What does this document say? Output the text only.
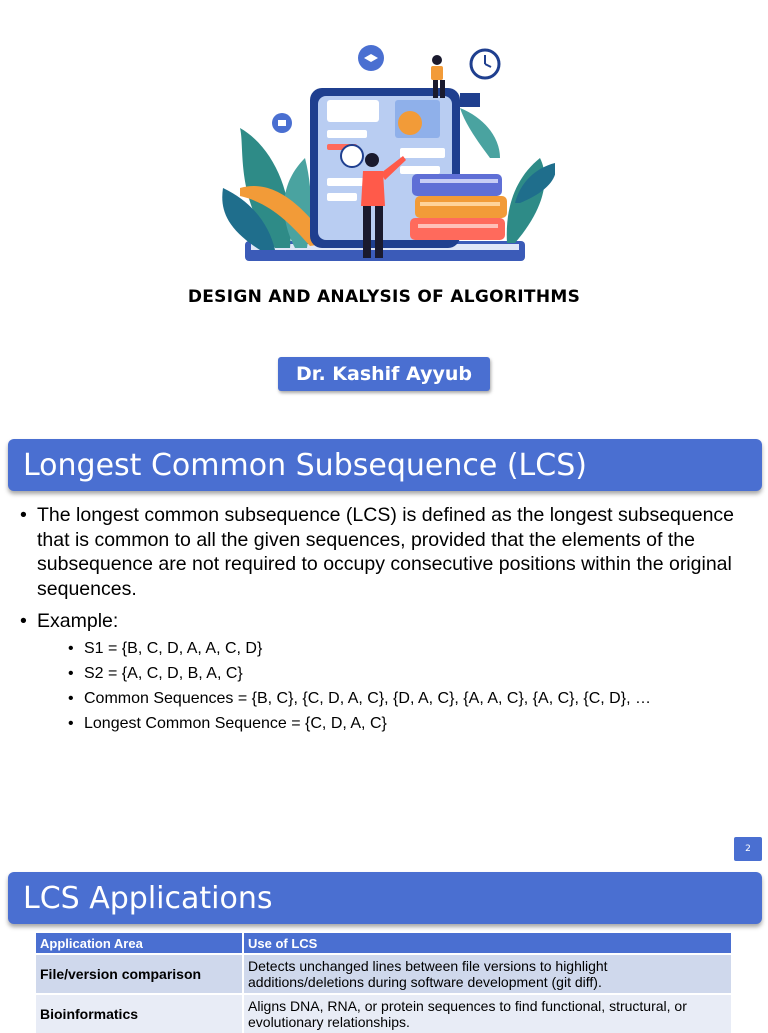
DESIGN AND ANALYSIS OF ALGORITHMS
Dr. Kashif Ayyub
Longest Common Subsequence (LCS)
• The longest common subsequence (LCS) is defined as the longest subsequence that is common to all the given sequences, provided that the elements of the subsequence are not required to occupy consecutive positions within the original sequences.
• Example:
• S1 = {B, C, D, A, A, C, D}
• S2 = {A, C, D, B, A, C}
• Common Sequences = {B, C}, {C, D, A, C}, {D, A, C}, {A, A, C}, {A, C}, {C, D}, …
• Longest Common Sequence = {C, D, A, C}
2
LCS Applications
Application Area	Use of LCS
File/version comparison	Detects unchanged lines between file versions to highlight additions/deletions during software development (git diff).
Bioinformatics	Aligns DNA, RNA, or protein sequences to find functional, structural, or evolutionary relationships.
